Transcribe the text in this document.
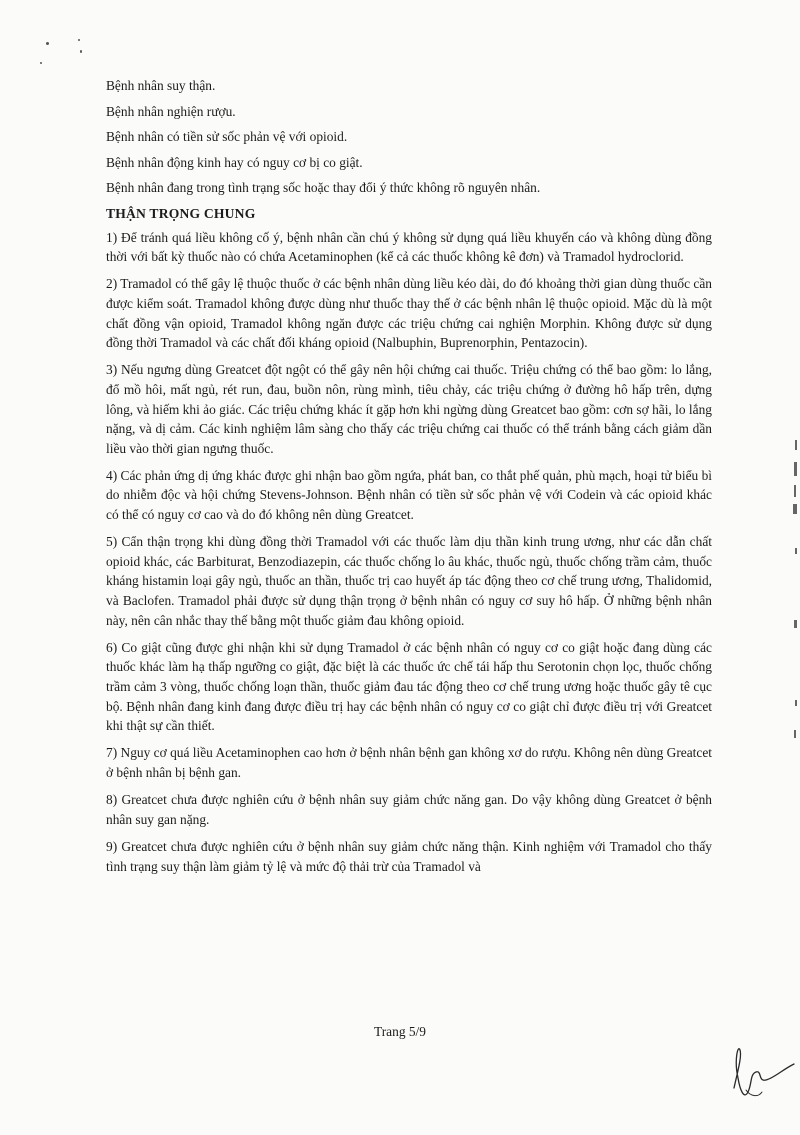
Bệnh nhân suy thận.
Bệnh nhân nghiện rượu.
Bệnh nhân có tiền sử sốc phản vệ với opioid.
Bệnh nhân động kinh hay có nguy cơ bị co giật.
Bệnh nhân đang trong tình trạng sốc hoặc thay đổi ý thức không rõ nguyên nhân.
THẬN TRỌNG CHUNG

1) Để tránh quá liều không cố ý, bệnh nhân cần chú ý không sử dụng quá liều khuyến cáo và không dùng đồng thời với bất kỳ thuốc nào có chứa Acetaminophen (kể cả các thuốc không kê đơn) và Tramadol hydroclorid.

2) Tramadol có thể gây lệ thuộc thuốc ở các bệnh nhân dùng liều kéo dài, do đó khoảng thời gian dùng thuốc cần được kiểm soát. Tramadol không được dùng như thuốc thay thế ở các bệnh nhân lệ thuộc opioid. Mặc dù là một chất đồng vận opioid, Tramadol không ngăn được các triệu chứng cai nghiện Morphin. Không được sử dụng đồng thời Tramadol và các chất đối kháng opioid (Nalbuphin, Buprenorphin, Pentazocin).

3) Nếu ngưng dùng Greatcet đột ngột có thể gây nên hội chứng cai thuốc. Triệu chứng có thể bao gồm: lo lắng, đổ mồ hôi, mất ngủ, rét run, đau, buồn nôn, rùng mình, tiêu chảy, các triệu chứng ở đường hô hấp trên, dựng lông, và hiếm khi ảo giác. Các triệu chứng khác ít gặp hơn khi ngừng dùng Greatcet bao gồm: cơn sợ hãi, lo lắng nặng, và dị cảm. Các kinh nghiệm lâm sàng cho thấy các triệu chứng cai thuốc có thể tránh bằng cách giảm dần liều vào thời gian ngưng thuốc.

4) Các phản ứng dị ứng khác được ghi nhận bao gồm ngứa, phát ban, co thắt phế quản, phù mạch, hoại tử biểu bì do nhiễm độc và hội chứng Stevens-Johnson. Bệnh nhân có tiền sử sốc phản vệ với Codein và các opioid khác có thể có nguy cơ cao và do đó không nên dùng Greatcet.

5) Cẩn thận trọng khi dùng đồng thời Tramadol với các thuốc làm dịu thần kinh trung ương, như các dẫn chất opioid khác, các Barbiturat, Benzodiazepin, các thuốc chống lo âu khác, thuốc ngủ, thuốc chống trầm cảm, thuốc kháng histamin loại gây ngủ, thuốc an thần, thuốc trị cao huyết áp tác động theo cơ chế trung ương, Thalidomid, và Baclofen. Tramadol phải được sử dụng thận trọng ở bệnh nhân có nguy cơ suy hô hấp. Ở những bệnh nhân này, nên cân nhắc thay thế bằng một thuốc giảm đau không opioid.

6) Co giật cũng được ghi nhận khi sử dụng Tramadol ở các bệnh nhân có nguy cơ co giật hoặc đang dùng các thuốc khác làm hạ thấp ngưỡng co giật, đặc biệt là các thuốc ức chế tái hấp thu Serotonin chọn lọc, thuốc chống trầm cảm 3 vòng, thuốc chống loạn thần, thuốc giảm đau tác động theo cơ chế trung ương hoặc thuốc gây tê cục bộ. Bệnh nhân đang kinh đang được điều trị hay các bệnh nhân có nguy cơ co giật chỉ được điều trị với Greatcet khi thật sự cần thiết.

7) Nguy cơ quá liều Acetaminophen cao hơn ở bệnh nhân bệnh gan không xơ do rượu. Không nên dùng Greatcet ở bệnh nhân bị bệnh gan.

8) Greatcet chưa được nghiên cứu ở bệnh nhân suy giảm chức năng gan. Do vậy không dùng Greatcet ở bệnh nhân suy gan nặng.

9) Greatcet chưa được nghiên cứu ở bệnh nhân suy giảm chức năng thận. Kinh nghiệm với Tramadol cho thấy tình trạng suy thận làm giảm tỷ lệ và mức độ thải trừ của Tramadol và

Trang 5/9
